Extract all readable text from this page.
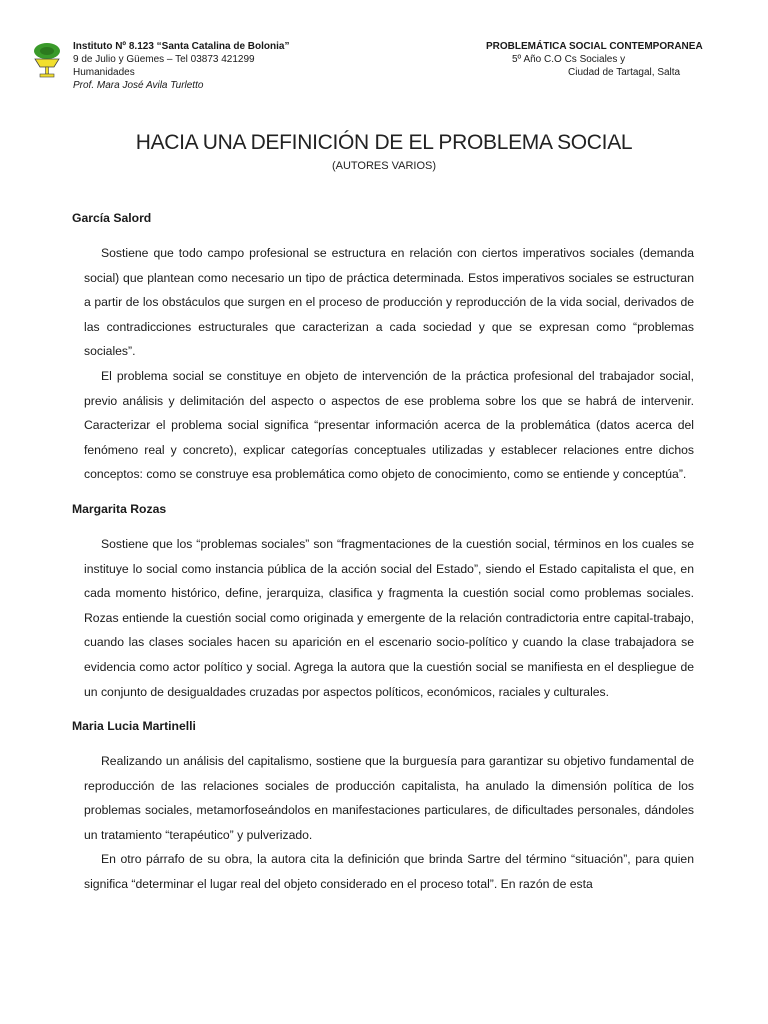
Instituto Nº 8.123 “Santa Catalina de Bolonia”
9 de Julio y Güemes – Tel 03873 421299
Humanidades
Prof. Mara José Avila Turletto
PROBLEMÁTICA SOCIAL CONTEMPORANEA
5º Año C.O Cs Sociales y
Ciudad de Tartagal, Salta
HACIA UNA DEFINICIÓN DE EL PROBLEMA SOCIAL
(AUTORES VARIOS)
García Salord

Sostiene que todo campo profesional se estructura en relación con ciertos imperativos sociales (demanda social) que plantean como necesario un tipo de práctica determinada. Estos imperativos sociales se estructuran a partir de los obstáculos que surgen en el proceso de producción y reproducción de la vida social, derivados de las contradicciones estructurales que caracterizan a cada sociedad y que se expresan como “problemas sociales”.

El problema social se constituye en objeto de intervención de la práctica profesional del trabajador social, previo análisis y delimitación del aspecto o aspectos de ese problema sobre los que se habrá de intervenir. Caracterizar el problema social significa “presentar información acerca de la problemática (datos acerca del fenómeno real y concreto), explicar categorías conceptuales utilizadas y establecer relaciones entre dichos conceptos: como se construye esa problemática como objeto de conocimiento, como se entiende y conceptúa”.

Margarita Rozas

Sostiene que los “problemas sociales” son “fragmentaciones de la cuestión social, términos en los cuales se instituye lo social como instancia pública de la acción social del Estado”, siendo el Estado capitalista el que, en cada momento histórico, define, jerarquiza, clasifica y fragmenta la cuestión social como problemas sociales. Rozas entiende la cuestión social como originada y emergente de la relación contradictoria entre capital-trabajo, cuando las clases sociales hacen su aparición en el escenario socio-político y cuando la clase trabajadora se evidencia como actor político y social. Agrega la autora que la cuestión social se manifiesta en el despliegue de un conjunto de desigualdades cruzadas por aspectos políticos, económicos, raciales y culturales.

Maria Lucia Martinelli

Realizando un análisis del capitalismo, sostiene que la burguesía para garantizar su objetivo fundamental de reproducción de las relaciones sociales de producción capitalista, ha anulado la dimensión política de los problemas sociales, metamorfoseándolos en manifestaciones particulares, de dificultades personales, dándoles un tratamiento “terapéutico” y pulverizado.

En otro párrafo de su obra, la autora cita la definición que brinda Sartre del término “situación”, para quien significa “determinar el lugar real del objeto considerado en el proceso total”. En razón de esta
